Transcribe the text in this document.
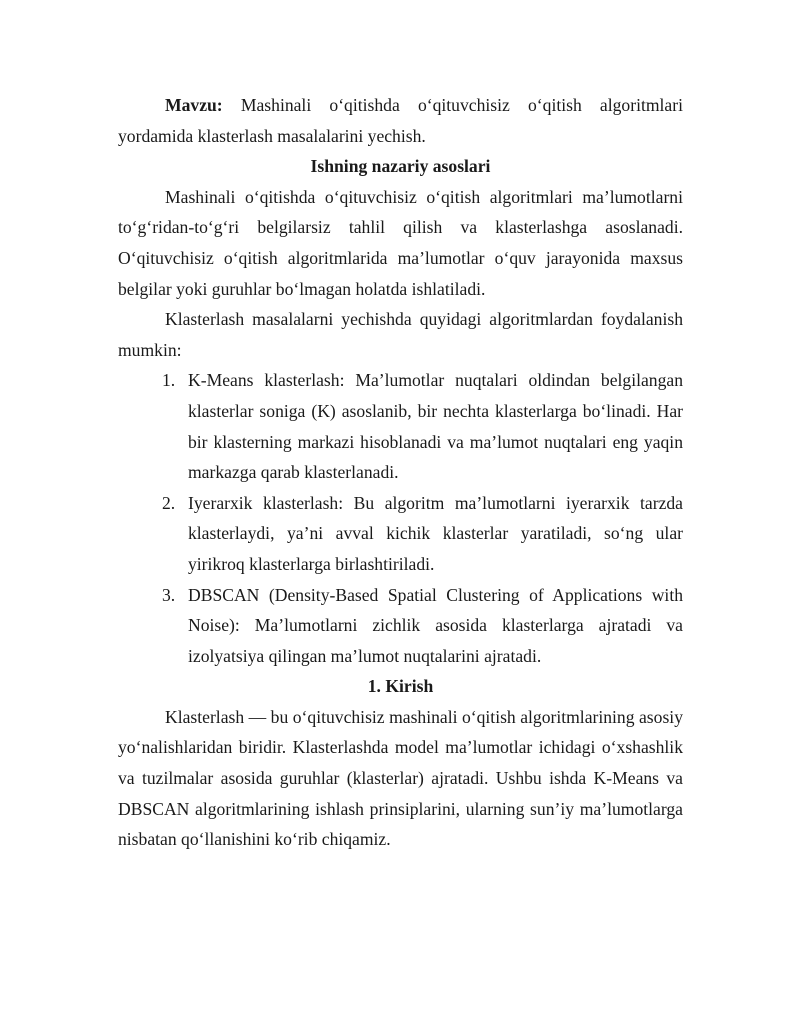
Mavzu: Mashinali o‘qitishda o‘qituvchisiz o‘qitish algoritmlari yordamida klasterlash masalalarini yechish.

Ishning nazariy asoslari

Mashinali o‘qitishda o‘qituvchisiz o‘qitish algoritmlari ma’lumotlarni to‘g‘ridan-to‘g‘ri belgilarsiz tahlil qilish va klasterlashga asoslanadi. O‘qituvchisiz o‘qitish algoritmlarida ma’lumotlar o‘quv jarayonida maxsus belgilar yoki guruhlar bo‘lmagan holatda ishlatiladi.

Klasterlash masalalarni yechishda quyidagi algoritmlardan foydalanish mumkin:

1. K-Means klasterlash: Ma’lumotlar nuqtalari oldindan belgilangan klasterlar soniga (K) asoslanib, bir nechta klasterlarga bo‘linadi. Har bir klasterning markazi hisoblanadi va ma’lumot nuqtalari eng yaqin markazga qarab klasterlanadi.
2. Iyerarxik klasterlash: Bu algoritm ma’lumotlarni iyerarxik tarzda klasterlaydi, ya’ni avval kichik klasterlar yaratiladi, so‘ng ular yirikroq klasterlarga birlashtiriladi.
3. DBSCAN (Density-Based Spatial Clustering of Applications with Noise): Ma’lumotlarni zichlik asosida klasterlarga ajratadi va izolyatsiya qilingan ma’lumot nuqtalarini ajratadi.

1. Kirish

Klasterlash — bu o‘qituvchisiz mashinali o‘qitish algoritmlarining asosiy yo‘nalishlaridan biridir. Klasterlashda model ma’lumotlar ichidagi o‘xshashlik va tuzilmalar asosida guruhlar (klasterlar) ajratadi. Ushbu ishda K-Means va DBSCAN algoritmlarining ishlash prinsiplarini, ularning sun’iy ma’lumotlarga nisbatan qo‘llanishini ko‘rib chiqamiz.
